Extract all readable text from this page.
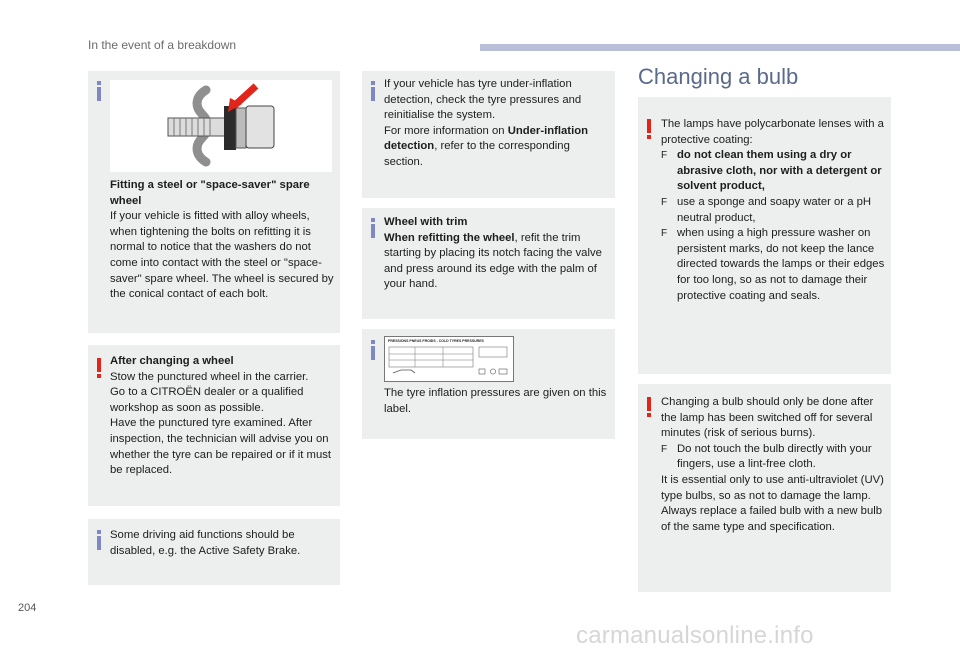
In the event of a breakdown
Fitting a steel or "space-saver" spare wheel
If your vehicle is fitted with alloy wheels, when tightening the bolts on refitting it is normal to notice that the washers do not come into contact with the steel or "space-saver" spare wheel. The wheel is secured by the conical contact of each bolt.
After changing a wheel
Stow the punctured wheel in the carrier.
Go to a CITROËN dealer or a qualified workshop as soon as possible.
Have the punctured tyre examined. After inspection, the technician will advise you on whether the tyre can be repaired or if it must be replaced.
Some driving aid functions should be disabled, e.g. the Active Safety Brake.
If your vehicle has tyre under-inflation detection, check the tyre pressures and reinitialise the system.
For more information on Under-inflation detection, refer to the corresponding section.
Wheel with trim
When refitting the wheel, refit the trim starting by placing its notch facing the valve and press around its edge with the palm of your hand.
PRESSIONS PNEUS FROIDS - COLD TYRES PRESSURES
The tyre inflation pressures are given on this label.
Changing a bulb
The lamps have polycarbonate lenses with a protective coating:
F do not clean them using a dry or abrasive cloth, nor with a detergent or solvent product,
F use a sponge and soapy water or a pH neutral product,
F when using a high pressure washer on persistent marks, do not keep the lance directed towards the lamps or their edges for too long, so as not to damage their protective coating and seals.
Changing a bulb should only be done after the lamp has been switched off for several minutes (risk of serious burns).
F Do not touch the bulb directly with your fingers, use a lint-free cloth.
It is essential only to use anti-ultraviolet (UV) type bulbs, so as not to damage the lamp.
Always replace a failed bulb with a new bulb of the same type and specification.
204
carmanualsonline.info
